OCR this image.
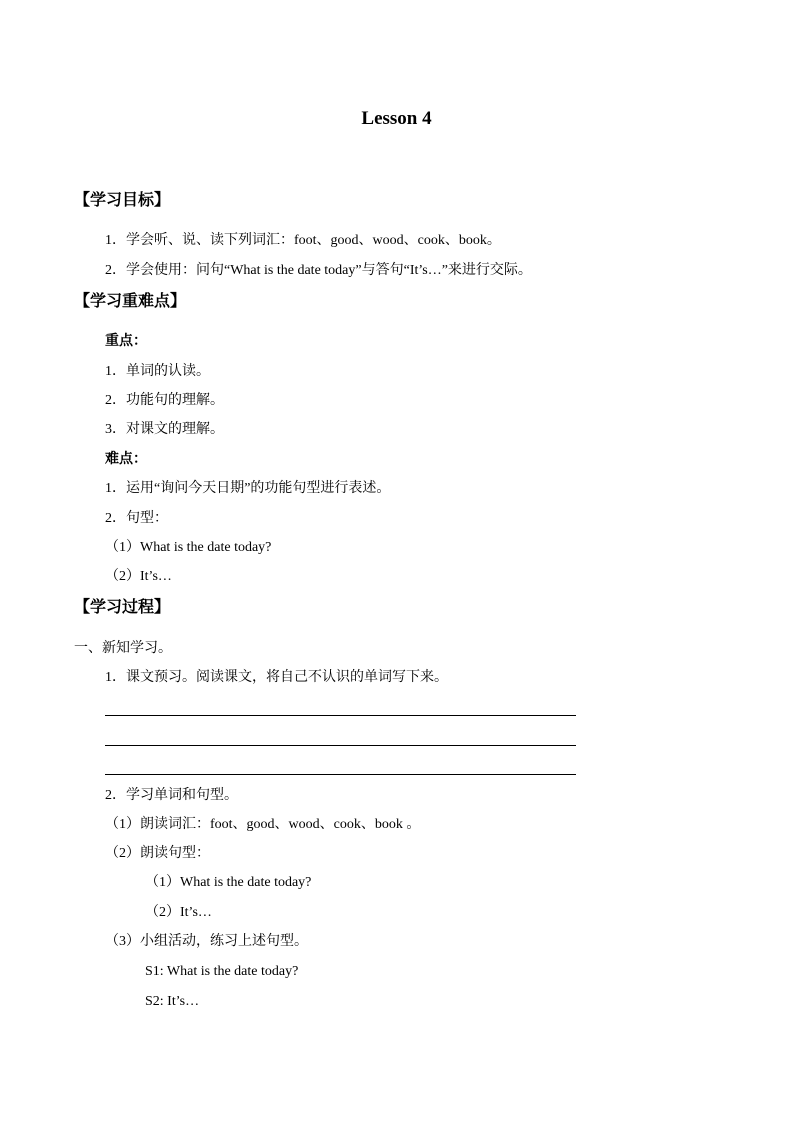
Lesson 4
【学习目标】
1．学会听、说、读下列词汇：foot、good、wood、cook、book。
2．学会使用：问句“What is the date today”与答句“It’s…”来进行交际。
【学习重难点】
重点：
1．单词的认读。
2．功能句的理解。
3．对课文的理解。
难点：
1．运用“询问今天日期”的功能句型进行表述。
2．句型：
（1）What is the date today?
（2）It’s…
【学习过程】
一、新知学习。
1．课文预习。阅读课文，将自己不认识的单词写下来。
2．学习单词和句型。
（1）朗读词汇：foot、good、wood、cook、book 。
（2）朗读句型：
（1）What is the date today?
（2）It’s…
（3）小组活动，练习上述句型。
S1: What is the date today?
S2: It’s…
